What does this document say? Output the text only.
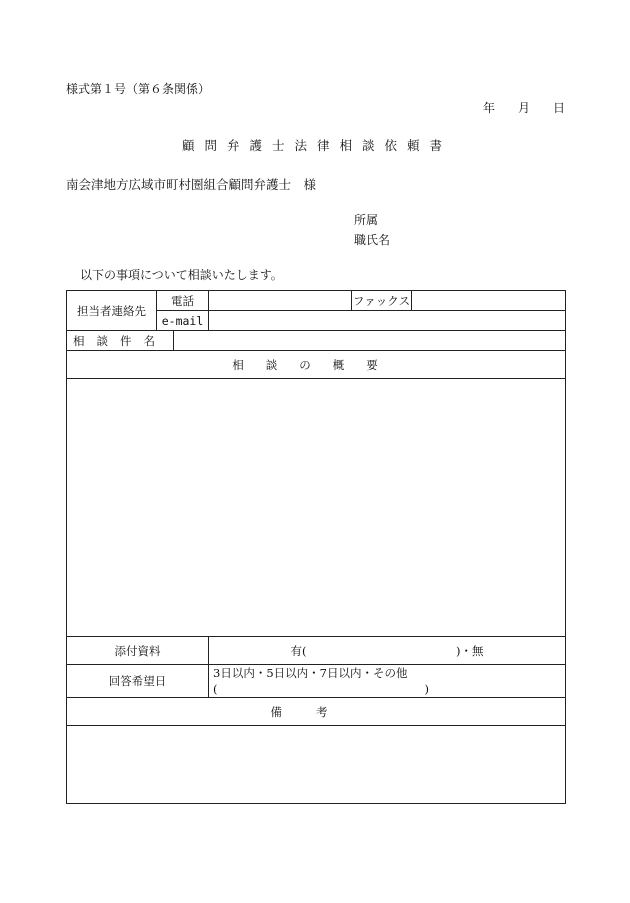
様式第１号（第６条関係）
年 月 日
顧問弁護士法律相談依頼書
南会津地方広域市町村圏組合顧問弁護士　様
所属
職氏名
以下の事項について相談いたします。
担当者連絡先	電話			ファックス	
	e-mail				
相談件名					
相談の概要					

添付資料			有(　　　　　　　　　　　　　)・無		
回答希望日			3日以内・5日以内・7日以内・その他(　　　　　　　　　　　　　　　　　　)		
備考					
